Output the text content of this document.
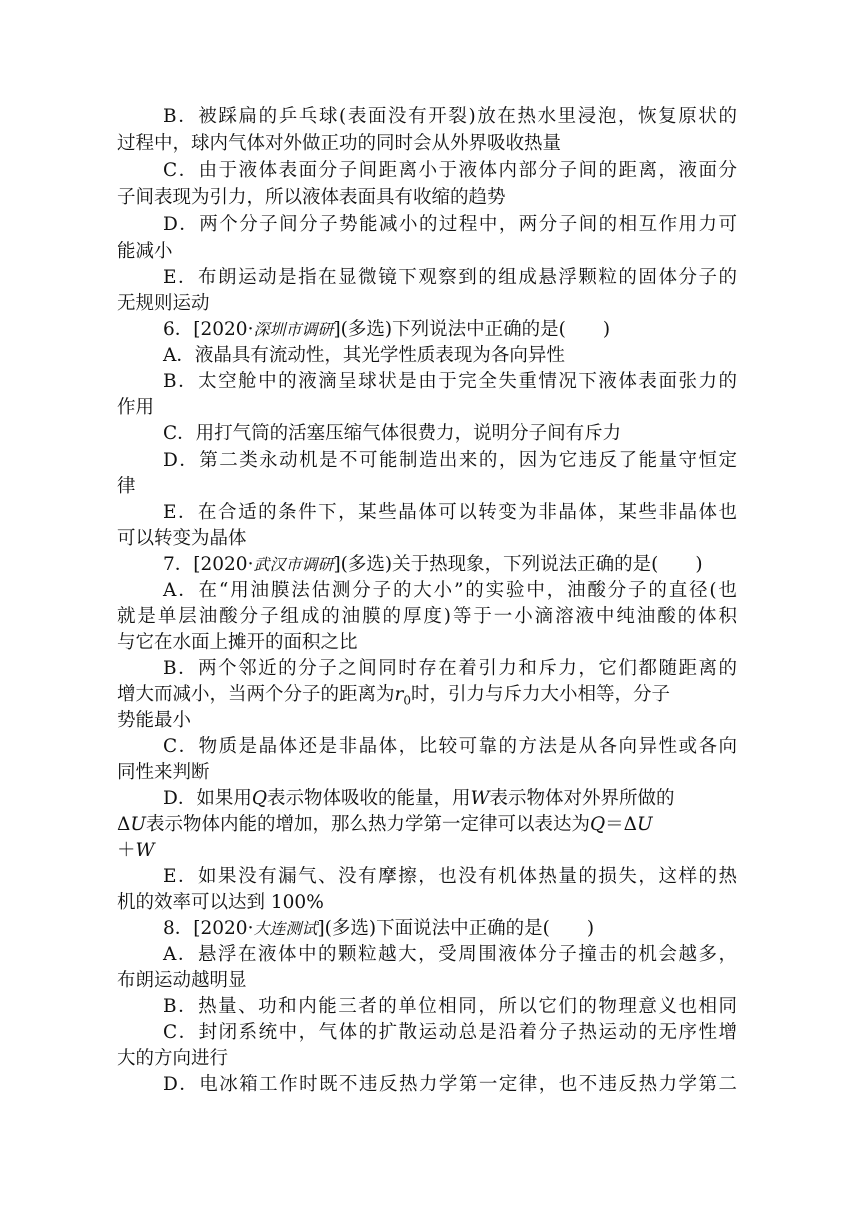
B．被踩扁的乒乓球(表面没有开裂)放在热水里浸泡，恢复原状的
过程中，球内气体对外做正功的同时会从外界吸收热量
C．由于液体表面分子间距离小于液体内部分子间的距离，液面分
子间表现为引力，所以液体表面具有收缩的趋势
D．两个分子间分子势能减小的过程中，两分子间的相互作用力可
能减小
E．布朗运动是指在显微镜下观察到的组成悬浮颗粒的固体分子的
无规则运动
6．[2020·深圳市调研](多选)下列说法中正确的是(　　)
A．液晶具有流动性，其光学性质表现为各向异性
B．太空舱中的液滴呈球状是由于完全失重情况下液体表面张力的
作用
C．用打气筒的活塞压缩气体很费力，说明分子间有斥力
D．第二类永动机是不可能制造出来的，因为它违反了能量守恒定
律
E．在合适的条件下，某些晶体可以转变为非晶体，某些非晶体也
可以转变为晶体
7．[2020·武汉市调研](多选)关于热现象，下列说法正确的是(　　)
A．在“用油膜法估测分子的大小”的实验中，油酸分子的直径(也
就是单层油酸分子组成的油膜的厚度)等于一小滴溶液中纯油酸的体积
与它在水面上摊开的面积之比
B．两个邻近的分子之间同时存在着引力和斥力，它们都随距离的
增大而减小，当两个分子的距离为$r_0$时，引力与斥力大小相等，分子
势能最小
C．物质是晶体还是非晶体，比较可靠的方法是从各向异性或各向
同性来判断
D．如果用Q表示物体吸收的能量，用W表示物体对外界所做的
ΔU表示物体内能的增加，那么热力学第一定律可以表达为Q＝ΔU
＋W
E．如果没有漏气、没有摩擦，也没有机体热量的损失，这样的热
机的效率可以达到 100%
8．[2020·大连测试](多选)下面说法中正确的是(　　)
A．悬浮在液体中的颗粒越大，受周围液体分子撞击的机会越多，
布朗运动越明显
B．热量、功和内能三者的单位相同，所以它们的物理意义也相同
C．封闭系统中，气体的扩散运动总是沿着分子热运动的无序性增
大的方向进行
D．电冰箱工作时既不违反热力学第一定律，也不违反热力学第二
